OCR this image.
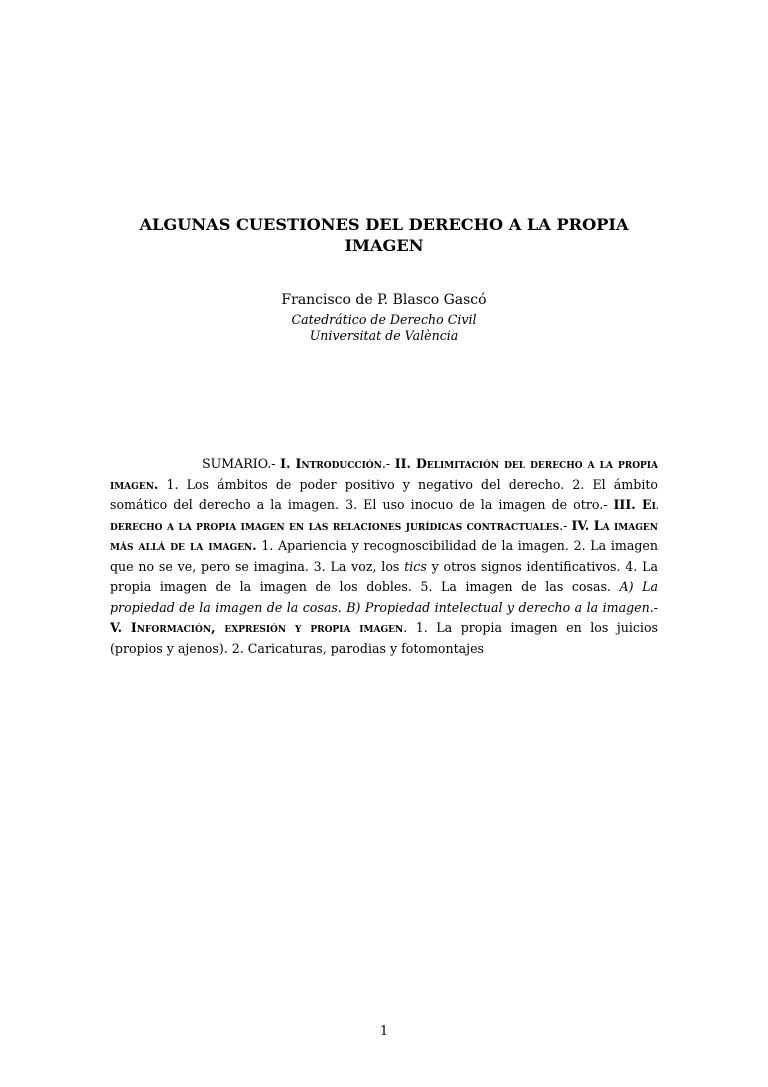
ALGUNAS CUESTIONES DEL DERECHO A LA PROPIA IMAGEN

Francisco de P. Blasco Gascó

Catedrático de Derecho Civil

Universitat de València

SUMARIO.- I. Introducción.- II. Delimitación del derecho a la propia imagen. 1. Los ámbitos de poder positivo y negativo del derecho. 2. El ámbito somático del derecho a la imagen. 3. El uso inocuo de la imagen de otro.- III. El derecho a la propia imagen en las relaciones jurídicas contractuales.- IV. La imagen más allá de la imagen. 1. Apariencia y recognoscibilidad de la imagen. 2. La imagen que no se ve, pero se imagina. 3. La voz, los tics y otros signos identificativos. 4. La propia imagen de la imagen de los dobles. 5. La imagen de las cosas. A) La propiedad de la imagen de la cosas. B) Propiedad intelectual y derecho a la imagen.- V. Información, expresión y propia imagen. 1. La propia imagen en los juicios (propios y ajenos). 2. Caricaturas, parodias y fotomontajes

1
